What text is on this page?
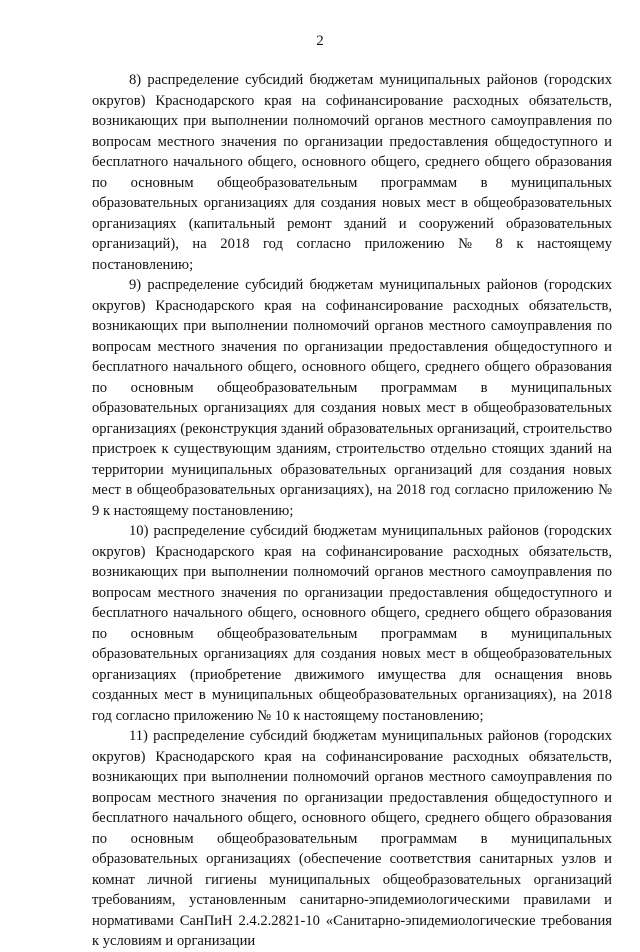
2

8) распределение субсидий бюджетам муниципальных районов (городских округов) Краснодарского края на софинансирование расходных обязательств, возникающих при выполнении полномочий органов местного самоуправления по вопросам местного значения по организации предоставления общедоступного и бесплатного начального общего, основного общего, среднего общего образования по основным общеобразовательным программам в муниципальных образовательных организациях для создания новых мест в общеобразовательных организациях (капитальный ремонт зданий и сооружений образовательных организаций), на 2018 год согласно приложению № 8 к настоящему постановлению;

9) распределение субсидий бюджетам муниципальных районов (городских округов) Краснодарского края на софинансирование расходных обязательств, возникающих при выполнении полномочий органов местного самоуправления по вопросам местного значения по организации предоставления общедоступного и бесплатного начального общего, основного общего, среднего общего образования по основным общеобразовательным программам в муниципальных образовательных организациях для создания новых мест в общеобразовательных организациях (реконструкция зданий образовательных организаций, строительство пристроек к существующим зданиям, строительство отдельно стоящих зданий на территории муниципальных образовательных организаций для создания новых мест в общеобразовательных организациях), на 2018 год согласно приложению № 9 к настоящему постановлению;

10) распределение субсидий бюджетам муниципальных районов (городских округов) Краснодарского края на софинансирование расходных обязательств, возникающих при выполнении полномочий органов местного самоуправления по вопросам местного значения по организации предоставления общедоступного и бесплатного начального общего, основного общего, среднего общего образования по основным общеобразовательным программам в муниципальных образовательных организациях для создания новых мест в общеобразовательных организациях (приобретение движимого имущества для оснащения вновь созданных мест в муниципальных общеобразовательных организациях), на 2018 год согласно приложению № 10 к настоящему постановлению;

11) распределение субсидий бюджетам муниципальных районов (городских округов) Краснодарского края на софинансирование расходных обязательств, возникающих при выполнении полномочий органов местного самоуправления по вопросам местного значения по организации предоставления общедоступного и бесплатного начального общего, основного общего, среднего общего образования по основным общеобразовательным программам в муниципальных образовательных организациях (обеспечение соответствия санитарных узлов и комнат личной гигиены муниципальных общеобразовательных организаций требованиям, установленным санитарно-эпидемиологическими правилами и нормативами СанПиН 2.4.2.2821-10 «Санитарно-эпидемиологические требования к условиям и организации
